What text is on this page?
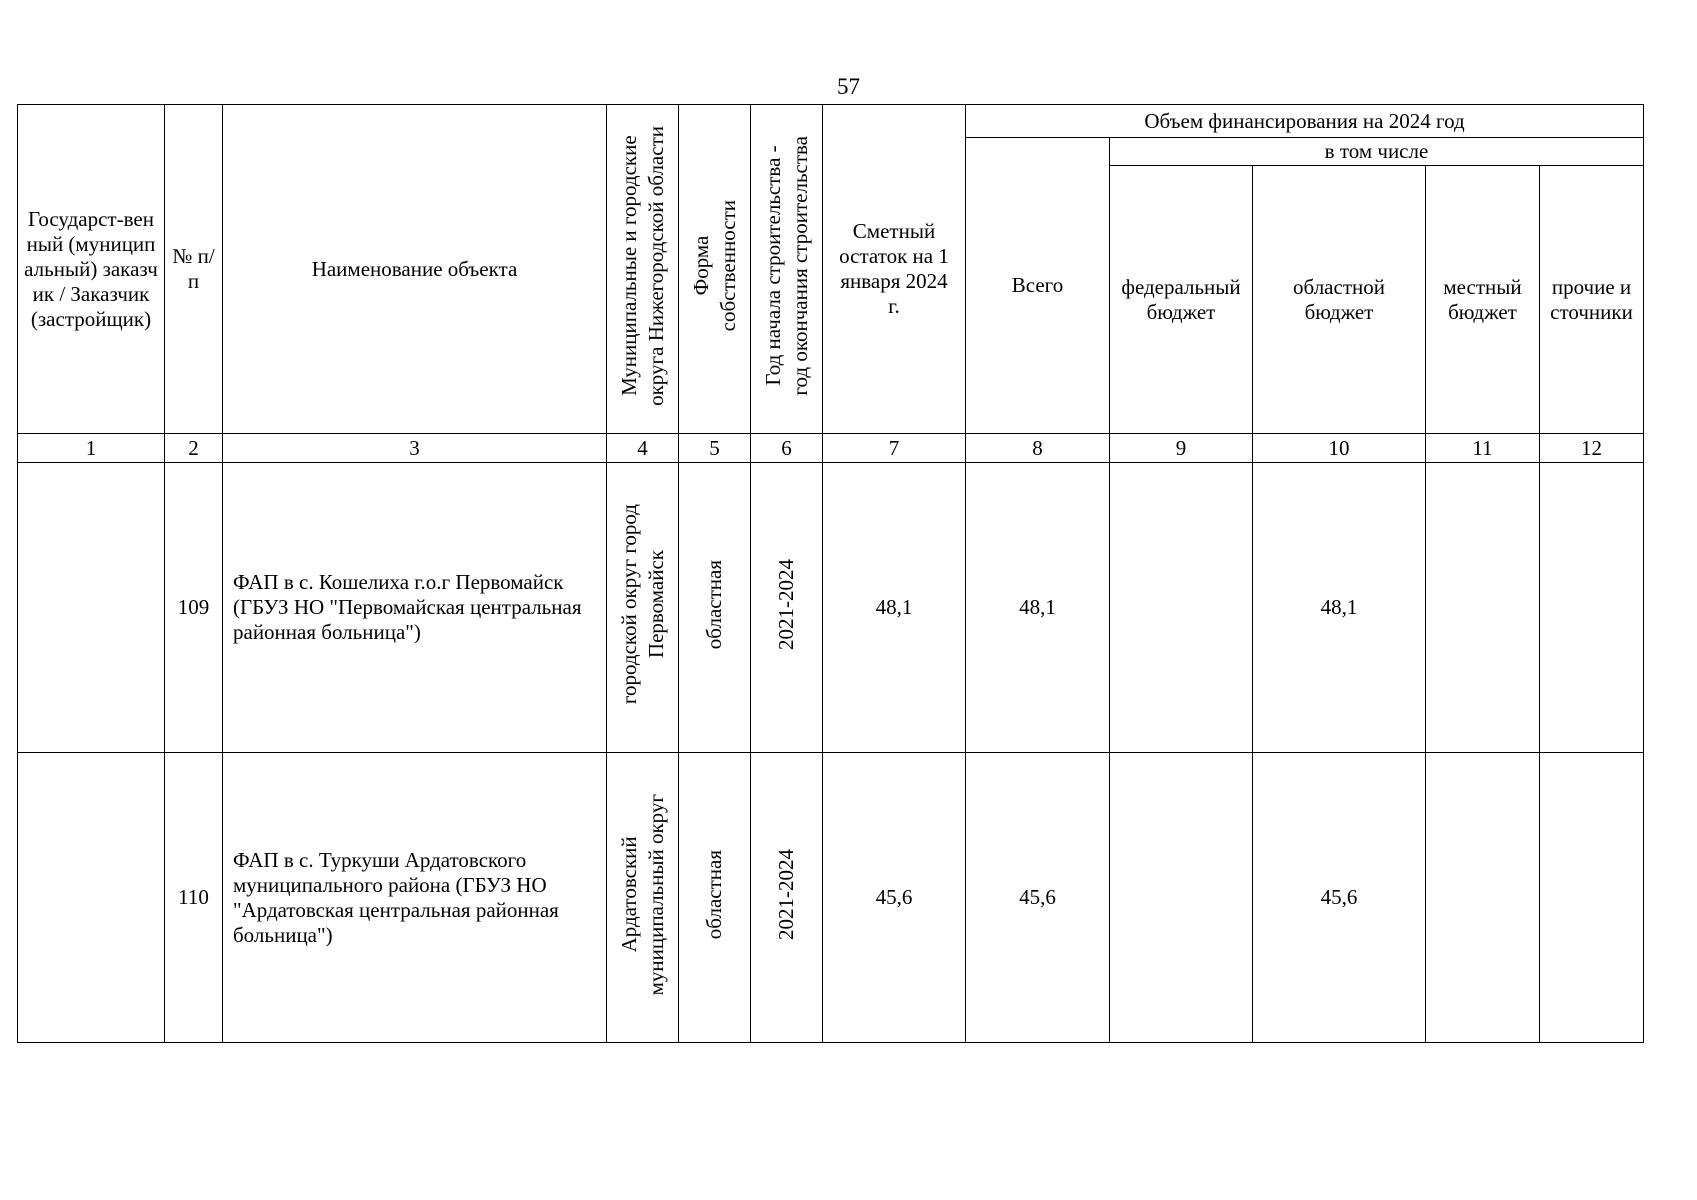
57
Государст-венный (муниципальный) заказчик / Заказчик (застройщик)	№ п/п	Наименование объекта	Муниципальные и городские округа Нижегородской области	Форма собственности	Год начала строительства - год окончания строительства	Сметный остаток на 1 января 2024 г.	Объем финансирования на 2024 год				
							Всего	в том числе			

								федеральный бюджет	областной бюджет	местный бюджет	прочие источники

1	2	3	4	5	6	7	8	9	10	11	12
	109	ФАП в с. Кошелиха г.о.г Первомайск (ГБУЗ НО "Первомайская центральная районная больница")	городской округ город Первомайск	областная	2021-2024	48,1	48,1		48,1		
	110	ФАП в с. Туркуши Ардатовского муниципального района (ГБУЗ НО "Ардатовская центральная районная больница")	Ардатовский муниципальный округ	областная	2021-2024	45,6	45,6		45,6		
